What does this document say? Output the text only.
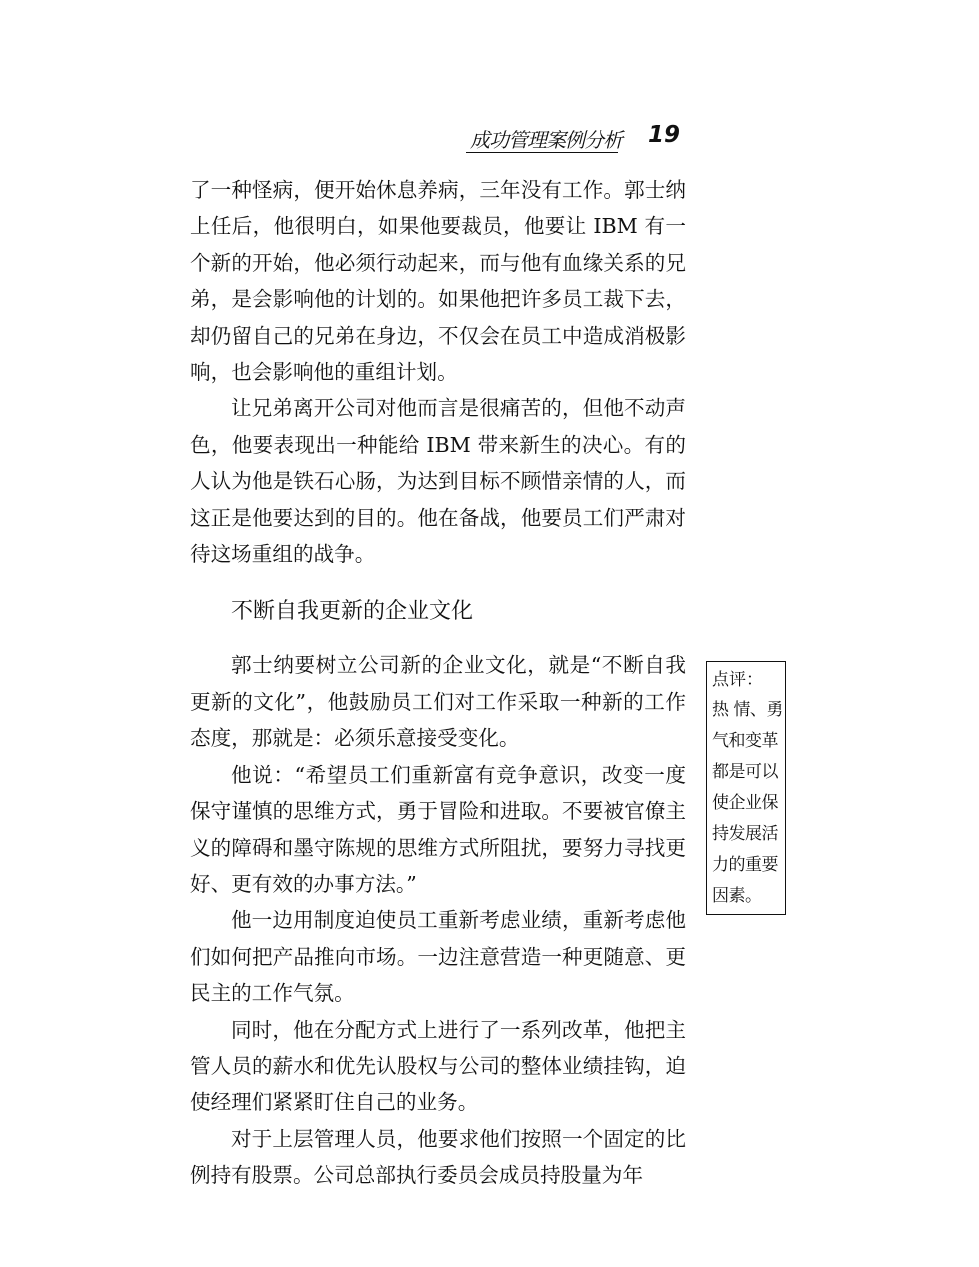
成功管理案例分析 19

了一种怪病，便开始休息养病，三年没有工作。郭士纳上任后，他很明白，如果他要裁员，他要让 IBM 有一个新的开始，他必须行动起来，而与他有血缘关系的兄弟，是会影响他的计划的。如果他把许多员工裁下去，却仍留自己的兄弟在身边，不仅会在员工中造成消极影响，也会影响他的重组计划。

让兄弟离开公司对他而言是很痛苦的，但他不动声色，他要表现出一种能给 IBM 带来新生的决心。有的人认为他是铁石心肠，为达到目标不顾惜亲情的人，而这正是他要达到的目的。他在备战，他要员工们严肃对待这场重组的战争。

不断自我更新的企业文化

郭士纳要树立公司新的企业文化，就是“不断自我更新的文化”，他鼓励员工们对工作采取一种新的工作态度，那就是：必须乐意接受变化。

他说：“希望员工们重新富有竞争意识，改变一度保守谨慎的思维方式，勇于冒险和进取。不要被官僚主义的障碍和墨守陈规的思维方式所阻扰，要努力寻找更好、更有效的办事方法。”

他一边用制度迫使员工重新考虑业绩，重新考虑他们如何把产品推向市场。一边注意营造一种更随意、更民主的工作气氛。

同时，他在分配方式上进行了一系列改革，他把主管人员的薪水和优先认股权与公司的整体业绩挂钩，迫使经理们紧紧盯住自己的业务。

对于上层管理人员，他要求他们按照一个固定的比例持有股票。公司总部执行委员会成员持股量为年

点评：
热 情、勇
气和变革
都是可以
使企业保
持发展活
力的重要
因素。
